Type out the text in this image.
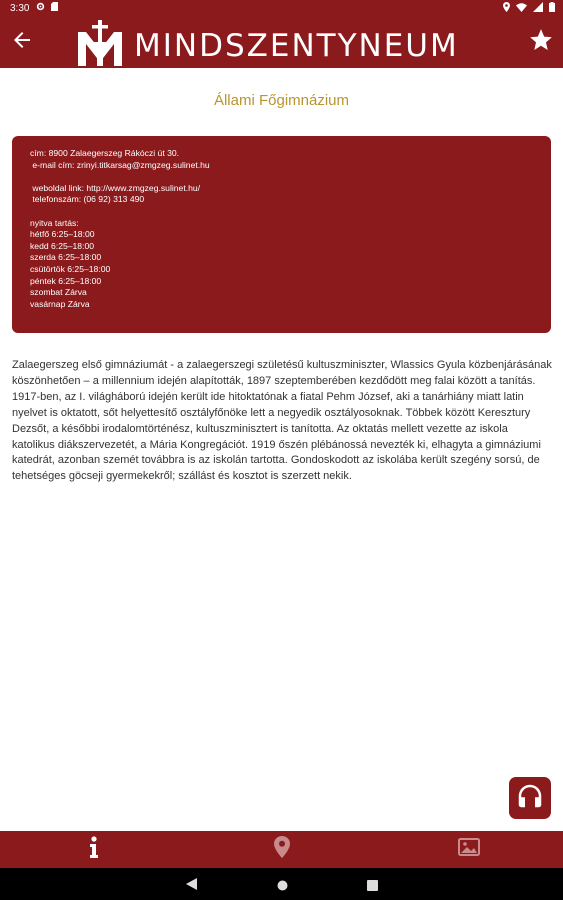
3:30
MINDSZENTYNEUM
Állami Főgimnázium
cím: 8900 Zalaegerszeg Rákóczi út 30.
e-mail cím: zrinyi.titkarsag@zmgzeg.sulinet.hu
weboldal link: http://www.zmgzeg.sulinet.hu/
telefonszám: (06 92) 313 490
nyitva tartás:
hétfő 6:25–18:00
kedd 6:25–18:00
szerda 6:25–18:00
csütörtök 6:25–18:00
péntek 6:25–18:00
szombat Zárva
vasárnap Zárva
Zalaegerszeg első gimnáziumát - a zalaegerszegi születésű kultuszminiszter, Wlassics Gyula közbenjárásának köszönhetően – a millennium idején alapították, 1897 szeptemberében kezdődött meg falai között a tanítás. 1917-ben, az I. világháború idején került ide hitoktatónak a fiatal Pehm József, aki a tanárhiány miatt latin nyelvet is oktatott, sőt helyettesítő osztályfőnöke lett a negyedik osztályosoknak. Többek között Keresztury Dezsőt, a későbbi irodalomtörténész, kultuszminisztert is tanította. Az oktatás mellett vezette az iskola katolikus diákszervezetét, a Mária Kongregációt. 1919 őszén plébánossá nevezték ki, elhagyta a gimnáziumi katedrát, azonban szemét továbbra is az iskolán tartotta. Gondoskodott az iskolába került szegény sorsú, de tehetséges göcseji gyermekekről; szállást és kosztot is szerzett nekik.
